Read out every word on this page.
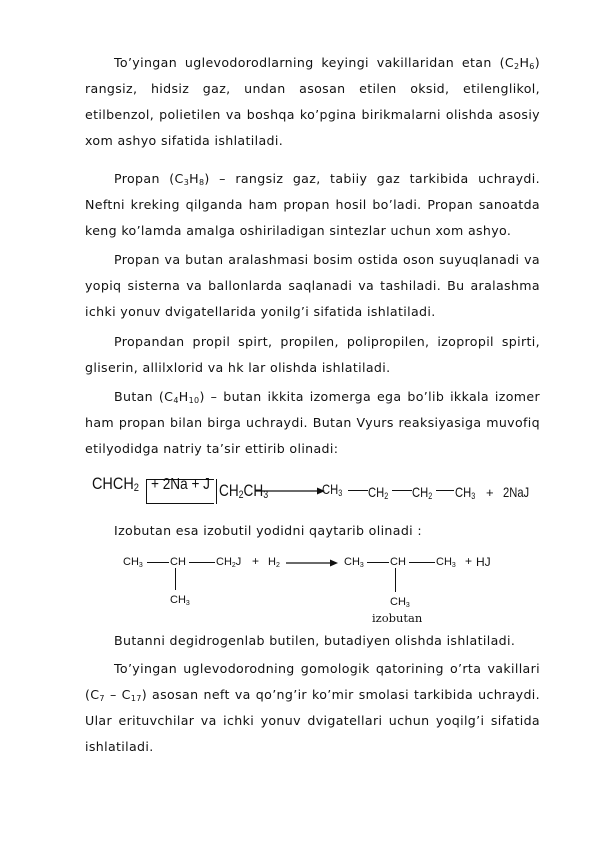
To’yingan uglevodorodlarning keyingi vakillaridan etan $(C_2H_6)$ rangsiz, hidsiz gaz, undan asosan etilen oksid, etilenglikol, etilbenzol, polietilen va boshqa ko’pgina birikmalarni olishda asosiy xom ashyo sifatida ishlatiladi.

Propan $(C_3H_8)$ – rangsiz gaz, tabiiy gaz tarkibida uchraydi. Neftni kreking qilganda ham propan hosil bo’ladi. Propan sanoatda keng ko’lamda amalga oshiriladigan sintezlar uchun xom ashyo.

Propan va butan aralashmasi bosim ostida oson suyuqlanadi va yopiq sisterna va ballonlarda saqlanadi va tashiladi. Bu aralashma ichki yonuv dvigatellarida yonilg’i sifatida ishlatiladi.

Propandan propil spirt, propilen, polipropilen, izopropil spirti, gliserin, allilxlorid va hk lar olishda ishlatiladi.

Butan $(C_4H_{10})$ – butan ikkita izomerga ega bo’lib ikkala izomer ham propan bilan birga uchraydi. Butan Vyurs reaksiyasiga muvofiq etilyodidga natriy ta’sir ettirib olinadi:

$CHCH_2 + 2Na + J$ $CH_2CH_3$	$CH_3$ $CH_2$ $CH_2$ $CH_3 + 2NaJ$

Izobutan esa izobutil yodidni qaytarib olinadi :

$CH_3$ CH	$CH_2J + H_2$
$CH_3$
→ $CH_3$ CH	$CH_3$ + HJ
$CH_3$
izobutan

Butanni degidrogenlab butilen, butadiyen olishda ishlatiladi.

To’yingan uglevodorodning gomologik qatorining o’rta vakillari $(C_7 - C_{17})$ asosan neft va qo’ng’ir ko’mir smolasi tarkibida uchraydi. Ular erituvchilar va ichki yonuv dvigatellari uchun yoqilg’i sifatida ishlatiladi.
